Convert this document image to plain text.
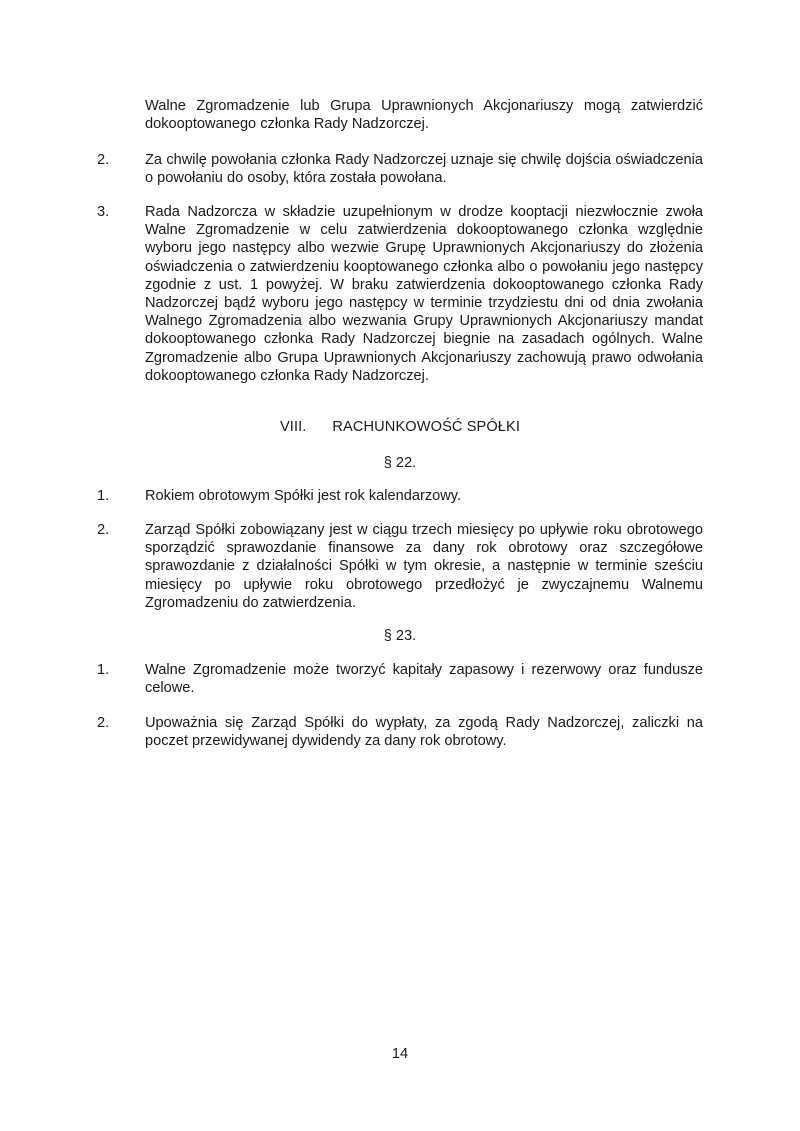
Walne Zgromadzenie lub Grupa Uprawnionych Akcjonariuszy mogą zatwierdzić dokooptowanego członka Rady Nadzorczej.
2.	Za chwilę powołania członka Rady Nadzorczej uznaje się chwilę dojścia oświadczenia o powołaniu do osoby, która została powołana.
3.	Rada Nadzorcza w składzie uzupełnionym w drodze kooptacji niezwłocznie zwoła Walne Zgromadzenie w celu zatwierdzenia dokooptowanego członka względnie wyboru jego następcy albo wezwie Grupę Uprawnionych Akcjonariuszy do złożenia oświadczenia o zatwierdzeniu kooptowanego członka albo o powołaniu jego następcy zgodnie z ust. 1 powyżej. W braku zatwierdzenia dokooptowanego członka Rady Nadzorczej bądź wyboru jego następcy w terminie trzydziestu dni od dnia zwołania Walnego Zgromadzenia albo wezwania Grupy Uprawnionych Akcjonariuszy mandat dokooptowanego członka Rady Nadzorczej biegnie na zasadach ogólnych. Walne Zgromadzenie albo Grupa Uprawnionych Akcjonariuszy zachowują prawo odwołania dokooptowanego członka Rady Nadzorczej.
VIII. RACHUNKOWOŚĆ SPÓŁKI
§ 22.
1.	Rokiem obrotowym Spółki jest rok kalendarzowy.
2.	Zarząd Spółki zobowiązany jest w ciągu trzech miesięcy po upływie roku obrotowego sporządzić sprawozdanie finansowe za dany rok obrotowy oraz szczegółowe sprawozdanie z działalności Spółki w tym okresie, a następnie w terminie sześciu miesięcy po upływie roku obrotowego przedłożyć je zwyczajnemu Walnemu Zgromadzeniu do zatwierdzenia.
§ 23.
1.	Walne Zgromadzenie może tworzyć kapitały zapasowy i rezerwowy oraz fundusze celowe.
2.	Upoważnia się Zarząd Spółki do wypłaty, za zgodą Rady Nadzorczej, zaliczki na poczet przewidywanej dywidendy za dany rok obrotowy.
14
